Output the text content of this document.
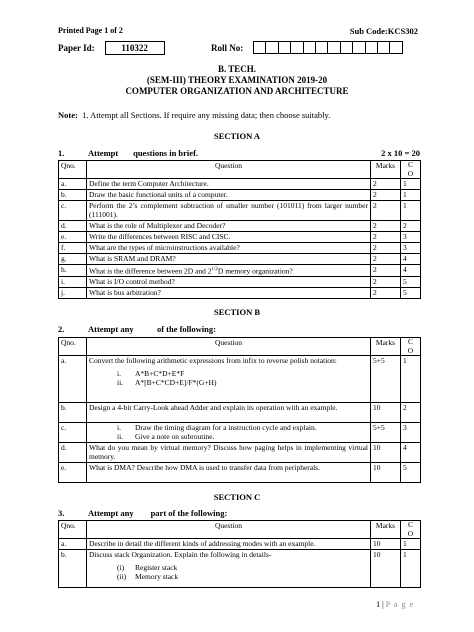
Printed Page 1 of 2	Sub Code:KCS302
Paper Id:	110322	Roll No:
B. TECH.
(SEM-III) THEORY EXAMINATION 2019-20
COMPUTER ORGANIZATION AND ARCHITECTURE
Note: 1. Attempt all Sections. If require any missing data; then choose suitably.
SECTION A
1.	Attempt       questions in brief.	2 x 10 = 20
Qno.	Question	Marks	C
O
a.	Define the term Computer Architecture.	2	1
b.	Draw the basic functional units of a computer.	2	1
c.	Perform the 2’s complement subtraction of smaller number (101011) from larger number (111001).	2	1
d.	What is the role of Multiplexer and Decoder?	2	2
e.	Write the differences between RISC and CISC.	2	3
f.	What are the types of microinstructions available?	2	3
g.	What is SRAM and DRAM?	2	4
h.	What is the difference between 2D and $2^{1/2}D$ memory organization?	2	4
i.	What is I/O control method?	2	5
j.	What is bus arbitration?	2	5
SECTION B
2.	Attempt any           of the following:
Qno.	Question	Marks	C
O
a.	Convert the following arithmetic expressions from infix to reverse polish notation:
i. A*B+C*D+E*F
ii. A*[B+C*CD+E]/F*(G+H)	5+5	1
b.	Design a 4-bit Carry-Look ahead Adder and explain its operation with an example.	10	2
c.	i. Draw the timing diagram for a instruction cycle and explain.
ii. Give a note on subroutine.	5+5	3
d.	What do you mean by virtual memory? Discuss how paging helps in implementing virtual memory.	10	4
e.	What is DMA? Describe how DMA is used to transfer data from peripherals.	10	5
SECTION C
3.	Attempt any        part of the following:
Qno.	Question	Marks	C
O
a.	Describe in detail the different kinds of addressing modes with an example.	10	1
b.	Discuss stack Organization. Explain the following in details-
(i) Register stack
(ii) Memory stack	10	1
1 | P a g e
